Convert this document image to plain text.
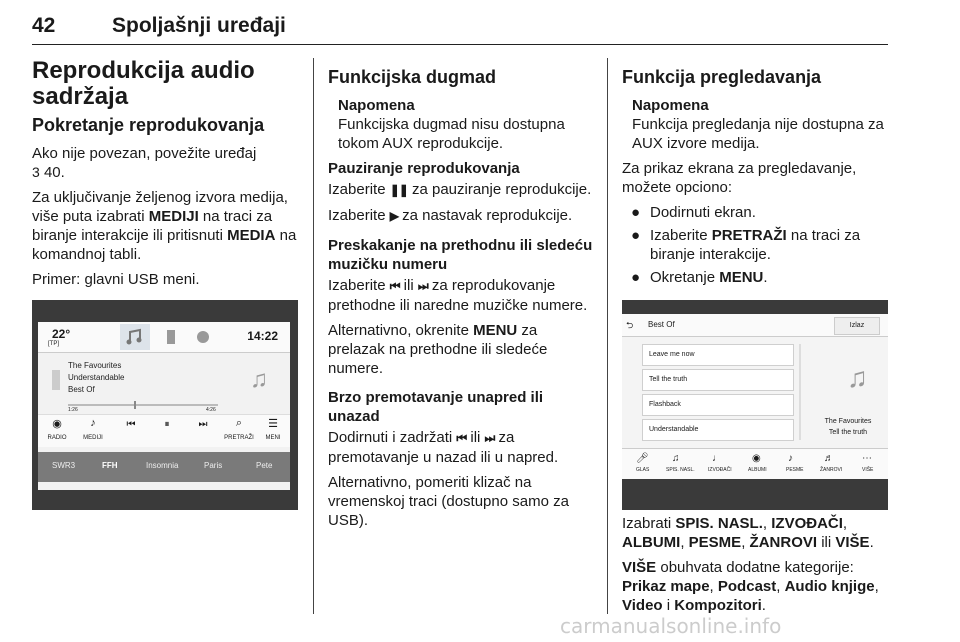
42	Spoljašnji uređaji
Reprodukcija audio sadržaja
Pokretanje reprodukovanja

Ako nije povezan, povežite uređaj
3 40.

Za uključivanje željenog izvora medija, više puta izabrati MEDIJI na traci za biranje interakcije ili pritisnuti MEDIA na komandnoj tabli.

Primer: glavni USB meni.

22°
[TP]
14:22
The Favourites
Understandable
Best Of	♫
1:26	4:26
◉
RADIO
♪
MEDIJI
⏮	⏸	⏭	⌕
PRETRAŽI
☰
MENI
SWR3	FFH	Insomnia	Paris	Pete
Funkcijska dugmad
Napomena
Funkcijska dugmad nisu dostupna tokom AUX reprodukcije.
Pauziranje reprodukovanja

Izaberite ❚❚ za pauziranje reprodukcije.

Izaberite ▶ za nastavak reprodukcije.

Preskakanje na prethodnu ili sledeću muzičku numeru

Izaberite ⏮ ili ⏭ za reprodukovanje prethodne ili naredne muzičke numere.

Alternativno, okrenite MENU za prelazak na prethodne ili sledeće numere.

Brzo premotavanje unapred ili unazad

Dodirnuti i zadržati ⏮ ili ⏭ za premotavanje u nazad ili u napred.

Alternativno, pomeriti klizač na vremenskoj traci (dostupno samo za USB).

Funkcija pregledavanja
Napomena
Funkcija pregledanja nije dostupna za AUX izvore medija.

Za prikaz ekrana za pregledavanje, možete opciono:

● Dodirnuti ekran.
● Izaberite PRETRAŽI na traci za biranje interakcije.
● Okretanje MENU.
⮌ Best Of	Izlaz
Leave me now
Tell the truth
Flashback
Understandable
♫
The Favourites
Tell the truth
🎤︎
GLAS
♫
SPIS. NASL.
♩
IZVOĐAČI
◉
ALBUMI
♪
PESME
♬
ŽANROVI
⋯
VIŠE

Izabrati SPIS. NASL., IZVOĐAČI, ALBUMI, PESME, ŽANROVI ili VIŠE.

VIŠE obuhvata dodatne kategorije: Prikaz mape, Podcast, Audio knjige, Video i Kompozitori.

carmanualsonline.info
